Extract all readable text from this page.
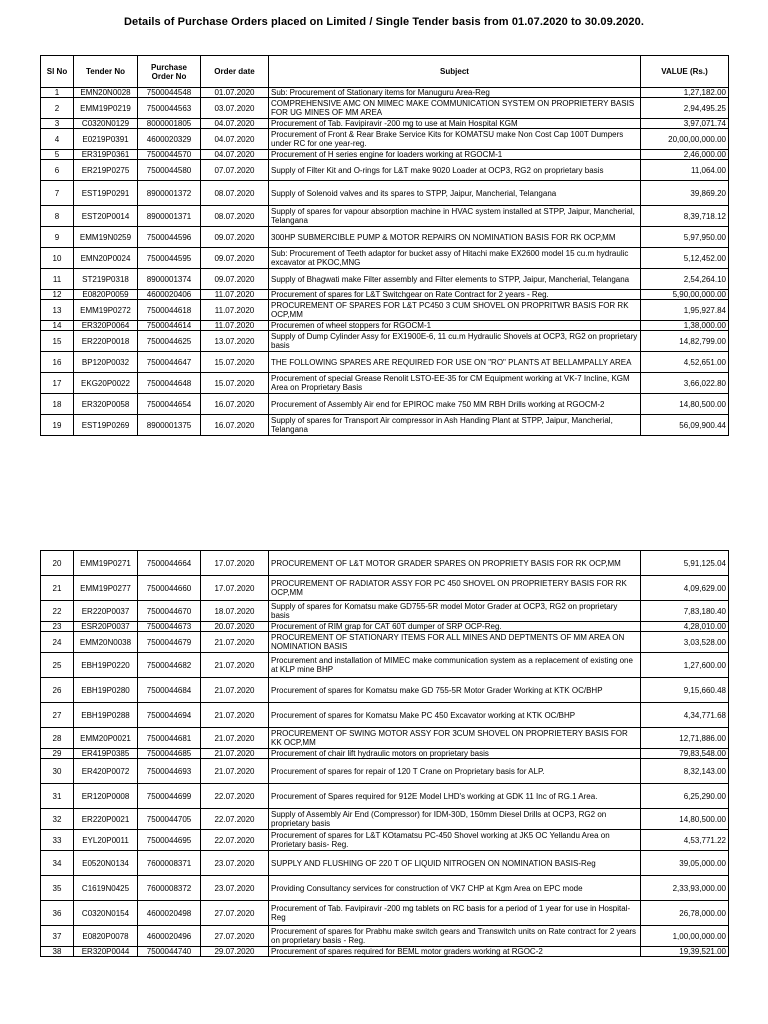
Details of Purchase Orders placed on Limited / Single Tender basis from 01.07.2020 to 30.09.2020.
Sl No	Tender No	Purchase Order No	Order date	Subject	VALUE (Rs.)
1	EMN20N0028	7500044548	01.07.2020	Sub: Procurement of Stationary items for Manuguru Area-Reg	1,27,182.00
2	EMM19P0219	7500044563	03.07.2020	COMPREHENSIVE AMC ON MIMEC MAKE COMMUNICATION SYSTEM ON PROPRIETERY BASIS FOR UG MINES OF MM AREA	2,94,495.25
3	C0320N0129	8000001805	04.07.2020	Procurement of Tab. Favipiravir -200 mg to use at Main Hospital KGM	3,97,071.74
4	E0219P0391	4600020329	04.07.2020	Procurement of Front & Rear Brake Service Kits for KOMATSU make Non Cost Cap 100T Dumpers under RC for one year-reg.	20,00,00,000.00
5	ER319P0361	7500044570	04.07.2020	Procurement of H series engine for loaders working at RGOCM-1	2,46,000.00
6	ER219P0275	7500044580	07.07.2020	Supply of Filter Kit and O-rings for L&T make 9020 Loader at OCP3, RG2 on proprietary basis	11,064.00
7	EST19P0291	8900001372	08.07.2020	Supply of Solenoid valves and its spares to STPP, Jaipur, Mancherial, Telangana	39,869.20
8	EST20P0014	8900001371	08.07.2020	Supply of spares for vapour absorption machine in HVAC system installed at STPP, Jaipur, Mancherial, Telangana	8,39,718.12
9	EMM19N0259	7500044596	09.07.2020	300HP SUBMERCIBLE PUMP & MOTOR REPAIRS ON NOMINATION BASIS FOR RK OCP,MM	5,97,950.00
10	EMN20P0024	7500044595	09.07.2020	Sub: Procurement of Teeth adaptor for bucket assy of Hitachi make EX2600 model 15 cu.m hydraulic excavator at PKOC,MNG	5,12,452.00
11	ST219P0318	8900001374	09.07.2020	Supply of Bhagwati make Filter assembly and Filter elements to STPP, Jaipur, Mancherial, Telangana	2,54,264.10
12	E0820P0059	4600020406	11.07.2020	Procurement of spares for L&T Switchgear on Rate Contract for 2 years - Reg.	5,90,00,000.00
13	EMM19P0272	7500044618	11.07.2020	PROCUREMENT OF SPARES FOR L&T PC450 3 CUM SHOVEL ON PROPRITWR BASIS FOR RK OCP,MM	1,95,927.84
14	ER320P0064	7500044614	11.07.2020	Procuremen of wheel stoppers for RGOCM-1	1,38,000.00
15	ER220P0018	7500044625	13.07.2020	Supply of Dump Cylinder Assy for EX1900E-6, 11 cu.m Hydraulic Shovels at OCP3, RG2 on proprietary basis	14,82,799.00
16	BP120P0032	7500044647	15.07.2020	THE FOLLOWING SPARES ARE REQUIRED FOR USE ON "RO" PLANTS AT BELLAMPALLY AREA	4,52,651.00
17	EKG20P0022	7500044648	15.07.2020	Procurement of special Grease Renolit LSTO-EE-35 for CM Equipment working at VK-7 Incline, KGM Area on Proprietary Basis	3,66,022.80
18	ER320P0058	7500044654	16.07.2020	Procurement of Assembly Air end for EPIROC make 750 MM RBH Drills working at RGOCM-2	14,80,500.00
19	EST19P0269	8900001375	16.07.2020	Supply of spares for Transport Air compressor in Ash Handing Plant at STPP, Jaipur, Mancherial, Telangana	56,09,900.44
20	EMM19P0271	7500044664	17.07.2020	PROCUREMENT OF L&T MOTOR GRADER SPARES ON PROPRIETY BASIS FOR RK OCP,MM	5,91,125.04
21	EMM19P0277	7500044660	17.07.2020	PROCUREMENT OF RADIATOR ASSY FOR PC 450 SHOVEL ON PROPRIETERY BASIS FOR RK OCP,MM	4,09,629.00
22	ER220P0037	7500044670	18.07.2020	Supply of spares for Komatsu make GD755-5R model Motor Grader at OCP3, RG2 on proprietary basis	7,83,180.40
23	ESR20P0037	7500044673	20.07.2020	Procurement of RIM grap for CAT 60T dumper of SRP OCP-Reg.	4,28,010.00
24	EMM20N0038	7500044679	21.07.2020	PROCUREMENT OF STATIONARY ITEMS FOR ALL MINES AND DEPTMENTS OF MM AREA ON NOMINATION BASIS	3,03,528.00
25	EBH19P0220	7500044682	21.07.2020	Procurement and installation of MIMEC make communication system as a replacement of existing one at KLP mine BHP	1,27,600.00
26	EBH19P0280	7500044684	21.07.2020	Procurement of spares for Komatsu make GD 755-5R Motor Grader Working at KTK OC/BHP	9,15,660.48
27	EBH19P0288	7500044694	21.07.2020	Procurement of spares for Komatsu Make PC 450 Excavator working at KTK OC/BHP	4,34,771.68
28	EMM20P0021	7500044681	21.07.2020	PROCUREMENT OF SWING MOTOR ASSY FOR 3CUM SHOVEL ON PROPRIETERY BASIS FOR KK OCP,MM	12,71,886.00
29	ER419P0385	7500044685	21.07.2020	Procurement of chair lift hydraulic motors on proprietary basis	79,83,548.00
30	ER420P0072	7500044693	21.07.2020	Procurement of spares for repair of 120 T Crane on Proprietary basis for ALP.	8,32,143.00
31	ER120P0008	7500044699	22.07.2020	Procurement of Spares required for 912E Model LHD's working at GDK 11 Inc of RG.1 Area.	6,25,290.00
32	ER220P0021	7500044705	22.07.2020	Supply of Assembly Air End (Compressor) for IDM-30D, 150mm Diesel Drills at OCP3, RG2 on proprietary basis	14,80,500.00
33	EYL20P0011	7500044695	22.07.2020	Procurement of spares for L&T KOtamatsu PC-450 Shovel working at JK5 OC Yellandu Area on Prorietary basis- Reg.	4,53,771.22
34	E0520N0134	7600008371	23.07.2020	SUPPLY AND FLUSHING OF 220 T OF LIQUID NITROGEN ON NOMINATION BASIS-Reg	39,05,000.00
35	C1619N0425	7600008372	23.07.2020	Providing Consultancy services for construction of VK7 CHP at Kgm Area on EPC mode	2,33,93,000.00
36	C0320N0154	4600020498	27.07.2020	Procurement of Tab. Favipiravir -200 mg tablets on RC basis for a period of 1 year for use in Hospital-Reg	26,78,000.00
37	E0820P0078	4600020496	27.07.2020	Procurement of spares for Prabhu make switch gears and Transwitch units on Rate contract for 2 years on proprietary basis - Reg.	1,00,00,000.00
38	ER320P0044	7500044740	29.07.2020	Procurement of spares required for BEML motor graders working at RGOC-2	19,39,521.00
